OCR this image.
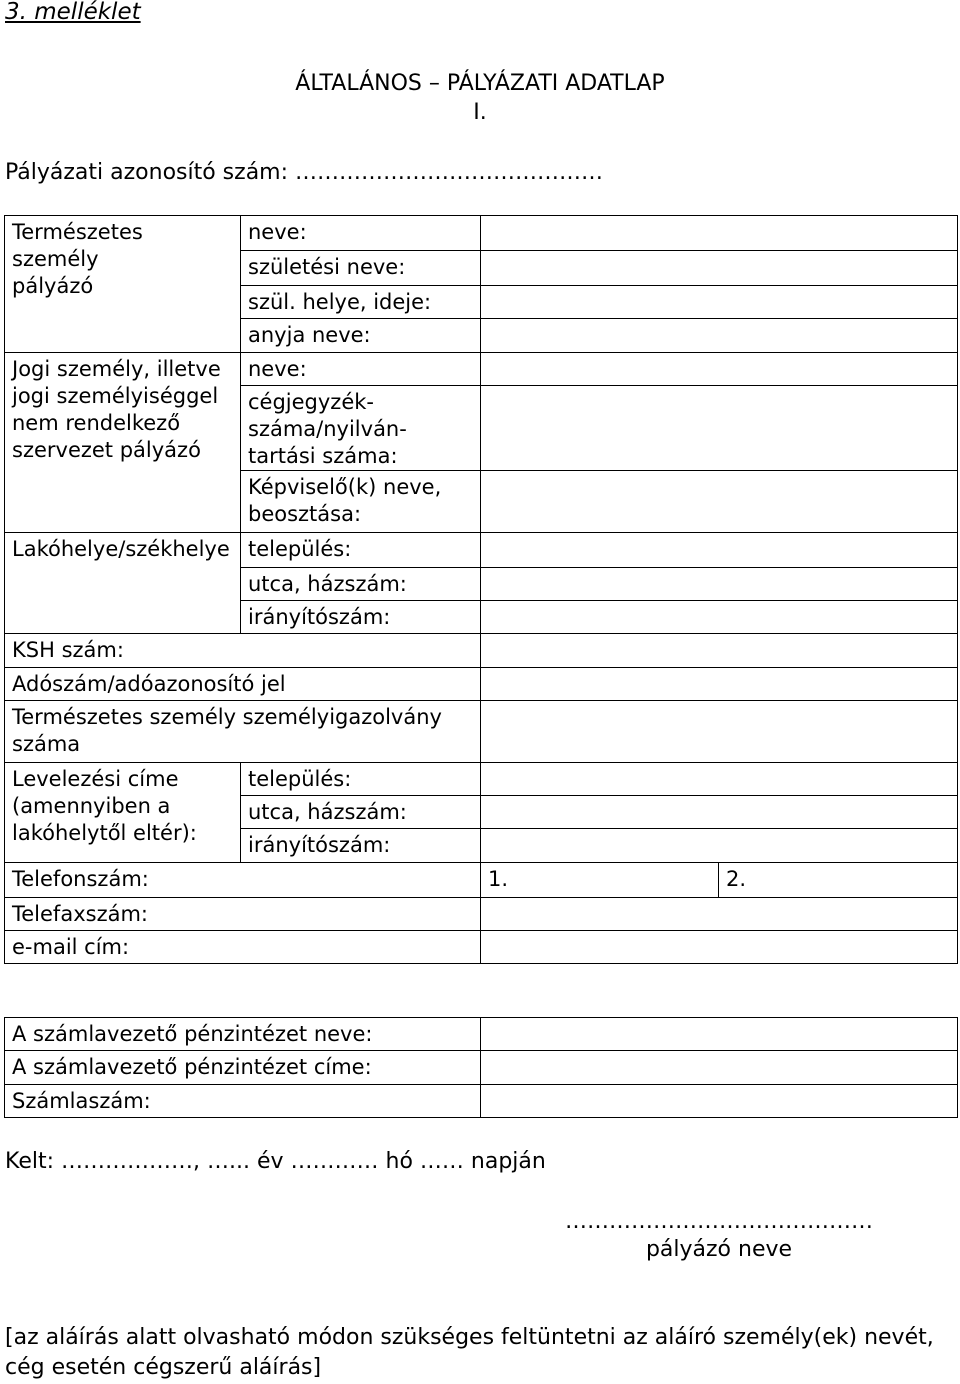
3. melléklet
ÁLTALÁNOS – PÁLYÁZATI ADATLAP
I.
Pályázati azonosító szám: ……………………………………
Természetes
személy
pályázó	neve:		
	születési neve:		
	szül. helye, ideje:		
	anyja neve:		
Jogi személy, illetve
jogi személyiséggel
nem rendelkező
szervezet pályázó	neve:		
	cégjegyzék-
száma/nyilván-
tartási száma:		
	Képviselő(k) neve,
beosztása:		
Lakóhelye/székhelye	település:		
	utca, házszám:		
	irányítószám:		
KSH szám:			
Adószám/adóazonosító jel			
Természetes személy személyigazolvány
száma			
Levelezési címe
(amennyiben a
lakóhelytől eltér):	település:		
	utca, házszám:		
	irányítószám:		
Telefonszám:		1.	2.
Telefaxszám:			
e-mail cím:			
A számlavezető pénzintézet neve:	
A számlavezető pénzintézet címe:	
Számlaszám:	
Kelt: ………………, …... év ………… hó …… napján
……………………………………
pályázó neve
[az aláírás alatt olvasható módon szükséges feltüntetni az aláíró személy(ek) nevét,
cég esetén cégszerű aláírás]
